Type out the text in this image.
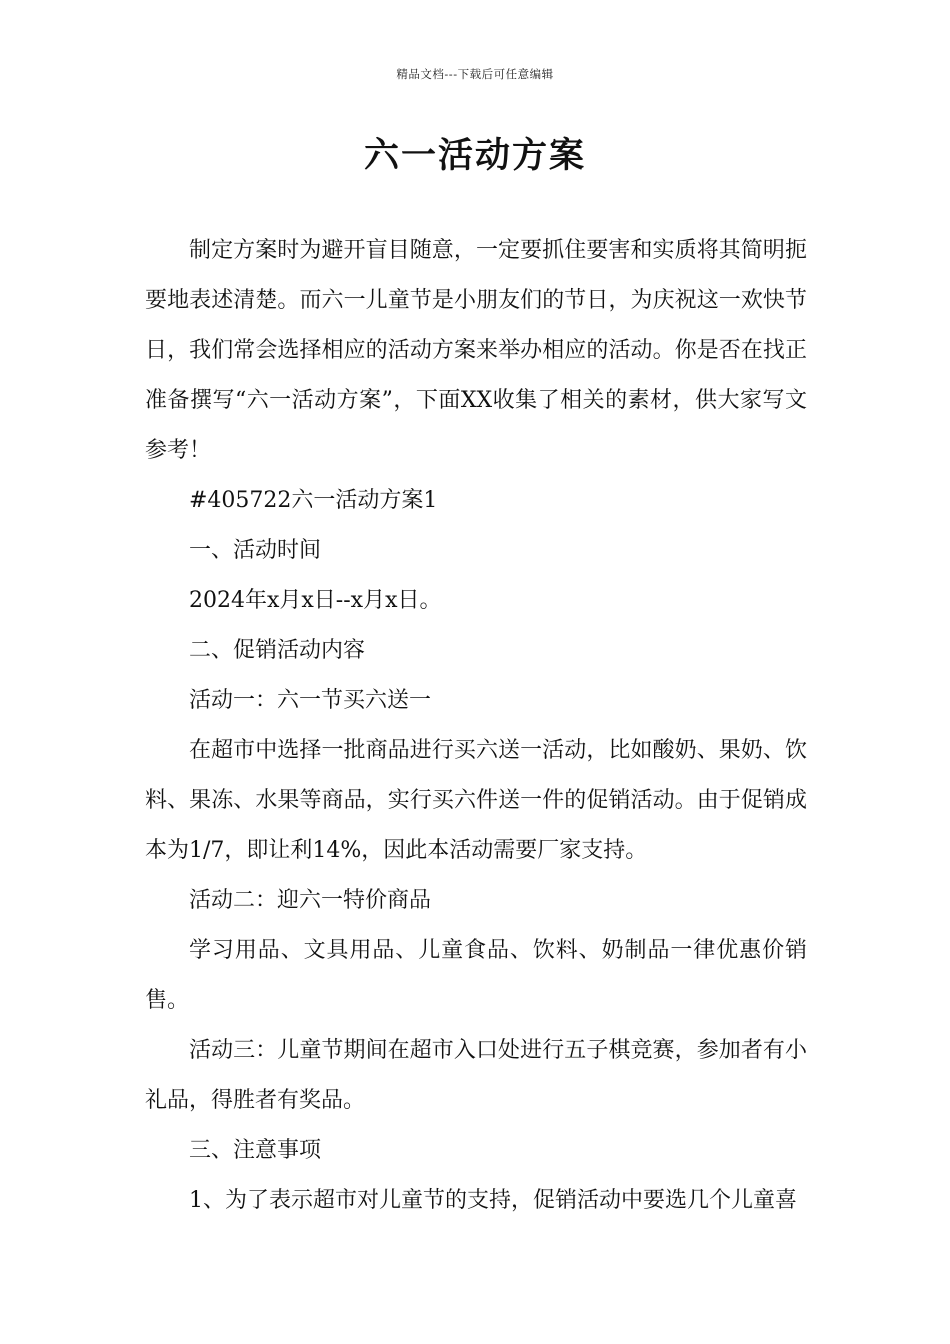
精品文档---下载后可任意编辑
六一活动方案

制定方案时为避开盲目随意，一定要抓住要害和实质将其简明扼要地表述清楚。而六一儿童节是小朋友们的节日，为庆祝这一欢快节日，我们常会选择相应的活动方案来举办相应的活动。你是否在找正准备撰写“六一活动方案”，下面XX收集了相关的素材，供大家写文参考！

#405722六一活动方案1

一、活动时间

2024年x月x日--x月x日。

二、促销活动内容

活动一：六一节买六送一

在超市中选择一批商品进行买六送一活动，比如酸奶、果奶、饮料、果冻、水果等商品，实行买六件送一件的促销活动。由于促销成本为1/7，即让利14%，因此本活动需要厂家支持。

活动二：迎六一特价商品

学习用品、文具用品、儿童食品、饮料、奶制品一律优惠价销售。

活动三：儿童节期间在超市入口处进行五子棋竞赛，参加者有小礼品，得胜者有奖品。

三、注意事项

1、为了表示超市对儿童节的支持，促销活动中要选几个儿童喜
